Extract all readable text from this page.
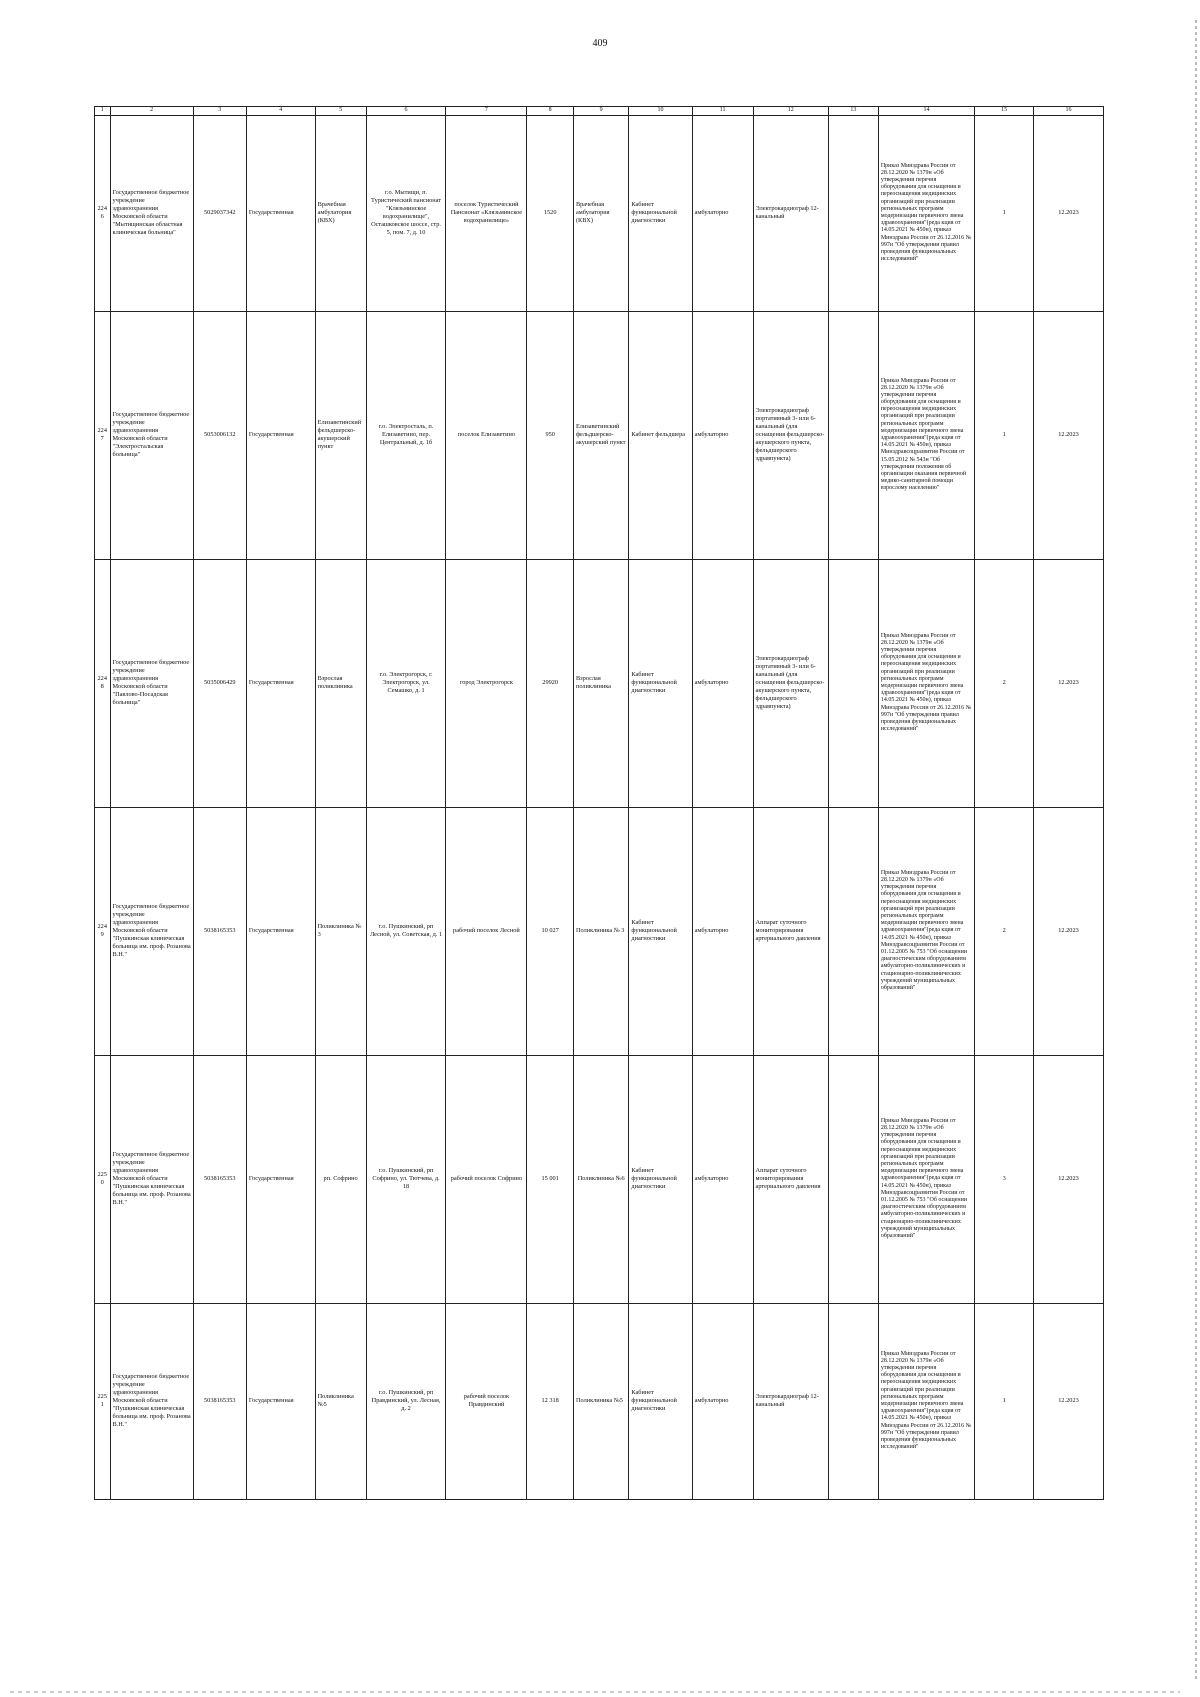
409
1	2	3	4	5	6	7	8	9	10	11	12	13	14	15	16
2246	Государственное бюджетное учреждение здравоохранения Московской области "Мытищинская областная клиническая больница"	5029037342	Государственная	Врачебная амбулатория (КВХ)	г.о. Мытищи, п. Туристический пансионат "Клязьминское водохранилище", Осташковское шоссе, стр. 5, пом. 7, д. 10	поселок Туристический Пансионат «Клязьминское водохранилище»	1520	Врачебная амбулатория (КВХ)	Кабинет функциональной диагностики	амбулаторно	Электрокардиограф 12-канальный		Приказ Минздрава России от 28.12.2020 № 1379н «Об утверждении перечня оборудования для оснащения и переоснащения медицинских организаций при реализации региональных программ модернизации первичного звена здравоохранения"(реда кция от 14.05.2021 № 450н), приказ Минздрава России от 26.12.2016 № 997н "Об утверждении правил проведения функциональных исследований"	1	12.2023
2247	Государственное бюджетное учреждение здравоохранения Московской области "Электростальская больница"	5053006132	Государственная	Елизаветинский фельдшерско-акушерский пункт	г.о. Электросталь, п. Елизаветино, пер. Центральный, д. 1б	поселок Елизаветино	950	Елизаветинский фельдшерско-акушерский пункт	Кабинет фельдшера	амбулаторно	Электрокардиограф портативный 3- или 6-канальный (для оснащения фельдшерско-акушерского пункта, фельдшерского здравпункта)		Приказ Минздрава России от 28.12.2020 № 1379н «Об утверждении перечня оборудования для оснащения и переоснащения медицинских организаций при реализации региональных программ модернизации первичного звена здравоохранения"(реда кция от 14.05.2021 № 450н), приказ Минздравсоцразвития России от 15.05.2012 № 543н "Об утверждении положения об организации оказания первичной медико-санитарной помощи взрослому населению"	1	12.2023
2248	Государственное бюджетное учреждение здравоохранения Московской области "Павлово-Посадская больница"	5035006429	Государственная	Взрослая поликлиника	г.о. Электрогорск, г. Электрогорск, ул. Семашко, д. 1	город Электрогорск	29920	Взрослая поликлиника	Кабинет функциональной диагностики	амбулаторно	Электрокардиограф портативный 3- или 6-канальный (для оснащения фельдшерско-акушерского пункта, фельдшерского здравпункта)		Приказ Минздрава России от 28.12.2020 № 1379н «Об утверждении перечня оборудования для оснащения и переоснащения медицинских организаций при реализации региональных программ модернизации первичного звена здравоохранения"(реда кция от 14.05.2021 № 450н), приказ Минздрава России от 26.12.2016 № 997н "Об утверждении правил проведения функциональных исследований"	2	12.2023
2249	Государственное бюджетное учреждение здравоохранения Московской области "Пушкинская клиническая больница им. проф. Розанова В.Н."	5038165353	Государственная	Поликлиника № 3	г.о. Пушкинский, рп Лесной, ул. Советская, д. 1	рабочий поселок Лесной	10 027	Поликлиника № 3	Кабинет функциональной диагностики	амбулаторно	Аппарат суточного мониторирования артериального давления		Приказ Минздрава России от 28.12.2020 № 1379н «Об утверждении перечня оборудования для оснащения и переоснащения медицинских организаций при реализации региональных программ модернизации первичного звена здравоохранения"(реда кция от 14.05.2021 № 450н), приказ Минздравсоцразвития России от 01.12.2005 № 753 "Об оснащении диагностическим оборудованием амбулаторно-поликлинических и стационарно-поликлинических учреждений муниципальных образований"	2	12.2023
2250	Государственное бюджетное учреждение здравоохранения Московской области "Пушкинская клиническая больница им. проф. Розанова В.Н."	5038165353	Государственная	рп. Софрино	г.о. Пушкинский, рп Софрино, ул. Тютчева, д. 18	рабочий поселок Софрино	15 001	Поликлиника №6	Кабинет функциональной диагностики	амбулаторно	Аппарат суточного мониторирования артериального давления		Приказ Минздрава России от 28.12.2020 № 1379н «Об утверждении перечня оборудования для оснащения и переоснащения медицинских организаций при реализации региональных программ модернизации первичного звена здравоохранения"(реда кция от 14.05.2021 № 450н), приказ Минздравсоцразвития России от 01.12.2005 № 753 "Об оснащении диагностическим оборудованием амбулаторно-поликлинических и стационарно-поликлинических учреждений муниципальных образований"	3	12.2023
2251	Государственное бюджетное учреждение здравоохранения Московской области "Пушкинская клиническая больница им. проф. Розанова В.Н."	5038165353	Государственная	Поликлиника №5	г.о. Пушкинский, рп Правдинский, ул. Лесная, д. 2	рабочий поселок Правдинский	12 318	Поликлиника №5	Кабинет функциональной диагностики	амбулаторно	Электрокардиограф 12-канальный		Приказ Минздрава России от 28.12.2020 № 1379н «Об утверждении перечня оборудования для оснащения и переоснащения медицинских организаций при реализации региональных программ модернизации первичного звена здравоохранения"(реда кция от 14.05.2021 № 450н), приказ Минздрава России от 26.12.2016 № 997н "Об утверждении правил проведения функциональных исследований"	1	12.2023
